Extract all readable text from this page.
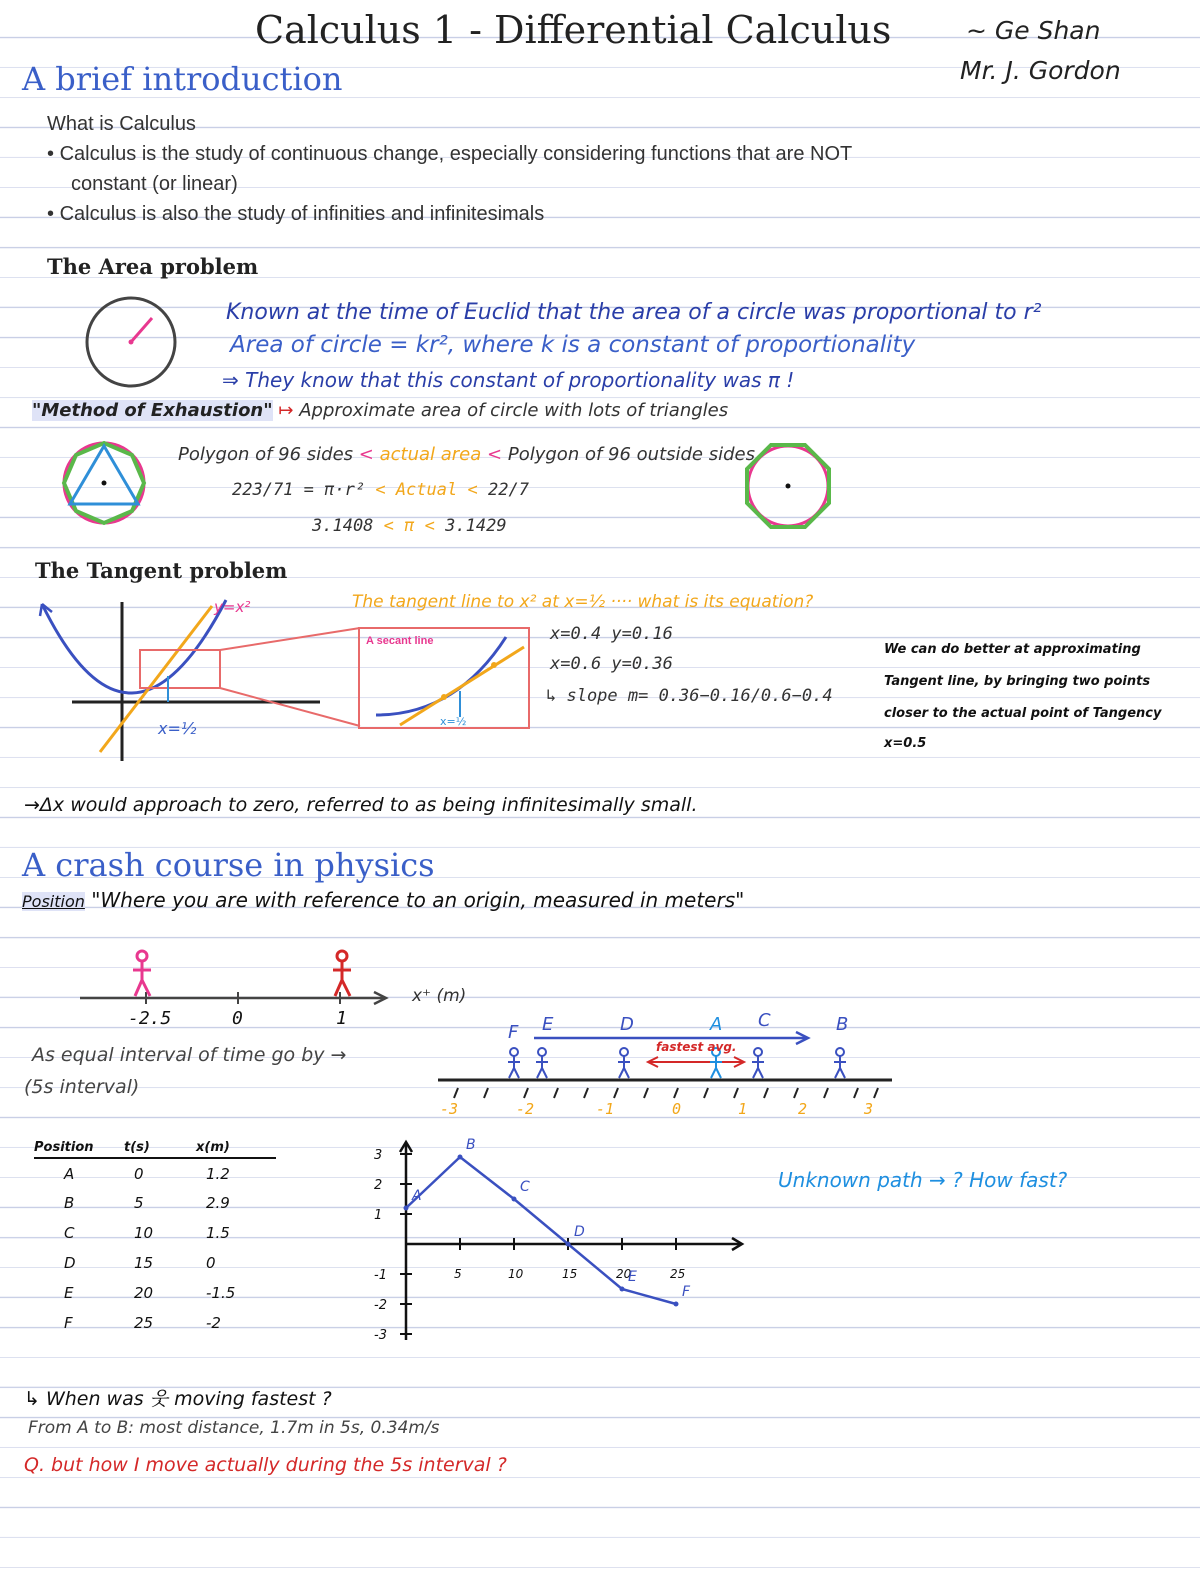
Calculus 1 - Differential Calculus	~ Ge Shan
Mr. J. Gordon
A brief introduction
What is Calculus
• Calculus is the study of continuous change, especially considering functions that are NOT
constant (or linear)
• Calculus is also the study of infinities and infinitesimals
The Area problem
Known at the time of Euclid that the area of a circle was proportional to r²
Area of circle = kr², where k is a constant of proportionality
⇒ They know that this constant of proportionality was π !
"Method of Exhaustion" ↦ Approximate area of circle with lots of triangles
Polygon of 96 sides < actual area < Polygon of 96 outside sides
223/71 = π·r² < Actual < 22/7
3.1408 < π < 3.1429
The Tangent problem
y=x²
x=½
A secant line
x=½
The tangent line to x² at x=½ ···· what is its equation?
x=0.4 y=0.16
x=0.6 y=0.36
↳ slope m= 0.36−0.16/0.6−0.4
We can do better at approximating
Tangent line, by bringing two points
closer to the actual point of Tangency
x=0.5
→Δx would approach to zero, referred to as being infinitesimally small.
A crash course in physics
Position "Where you are with reference to an origin, measured in meters"
-2.5	0	1
x⁺ (m)
As equal interval of time go by →
(5s interval)
fastest avg.
F E	D	A C	B
-3	-2	-1	0	1	2	3
Position	t(s)	x(m)
A	0	1.2
B	5	2.9
C	10	1.5
D	15	0
E	20	-1.5
F	25	-2
5	10	15	20	25
3
2
1
-1
-2
-3
A
B
C
D
E
F
Unknown path → ? How fast?
↳ When was 웃 moving fastest ?
From A to B: most distance, 1.7m in 5s, 0.34m/s
Q. but how I move actually during the 5s interval ?
